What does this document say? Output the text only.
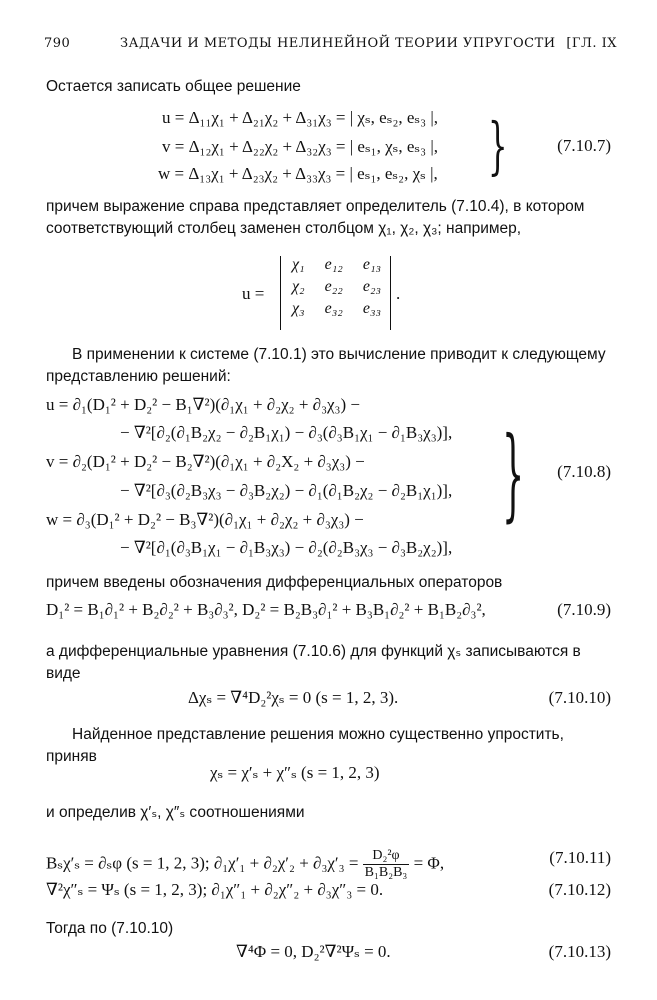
790	ЗАДАЧИ И МЕТОДЫ НЕЛИНЕЙНОЙ ТЕОРИИ УПРУГОСТИ [ГЛ. IX
Остается записать общее решение
u = Δ₁₁χ₁ + Δ₂₁χ₂ + Δ₃₁χ₃ = | χₛ, eₛ₂, eₛ₃ |,
v = Δ₁₂χ₁ + Δ₂₂χ₂ + Δ₃₂χ₃ = | eₛ₁, χₛ, eₛ₃ |,
w = Δ₁₃χ₁ + Δ₂₃χ₂ + Δ₃₃χ₃ = | eₛ₁, eₛ₂, χₛ |, }	(7.10.7)
причем выражение справа представляет определитель (7.10.4), в котором соответствующий столбец заменен столбцом χ₁, χ₂, χ₃; например,
u =
χ₁	e₁₂	e₁₃
χ₂	e₂₂	e₂₃
χ₃	e₃₂	e₃₃
.
В применении к системе (7.10.1) это вычисление приводит к следующему представлению решений:
u = ∂₁(D₁² + D₂² − B₁∇²)(∂₁χ₁ + ∂₂χ₂ + ∂₃χ₃) −
− ∇²[∂₂(∂₁B₂χ₂ − ∂₂B₁χ₁) − ∂₃(∂₃B₁χ₁ − ∂₁B₃χ₃)],
v = ∂₂(D₁² + D₂² − B₂∇²)(∂₁χ₁ + ∂₂X₂ + ∂₃χ₃) −
− ∇²[∂₃(∂₂B₃χ₃ − ∂₃B₂χ₂) − ∂₁(∂₁B₂χ₂ − ∂₂B₁χ₁)],
w = ∂₃(D₁² + D₂² − B₃∇²)(∂₁χ₁ + ∂₂χ₂ + ∂₃χ₃) −
− ∇²[∂₁(∂₃B₁χ₁ − ∂₁B₃χ₃) − ∂₂(∂₂B₃χ₃ − ∂₃B₂χ₂)],
} (7.10.8)
причем введены обозначения дифференциальных операторов
D₁² = B₁∂₁² + B₂∂₂² + B₃∂₃², D₂² = B₂B₃∂₁² + B₃B₁∂₂² + B₁B₂∂₃²,	(7.10.9)
а дифференциальные уравнения (7.10.6) для функций χₛ записываются в виде
Δχₛ = ∇⁴D₂²χₛ = 0 (s = 1, 2, 3).	(7.10.10)
Найденное представление решения можно существенно упростить, приняв
χₛ = χ′ₛ + χ″ₛ (s = 1, 2, 3)
и определив χ′ₛ, χ″ₛ соотношениями
Bₛχ′ₛ = ∂ₛφ (s = 1, 2, 3); $\partial_1\chi'_1 + \partial_2\chi'_2 + \partial_3\chi'_3 = \frac{\text{D₂²φ}}{\text{B₁B₂B₃}} = \Phi$,	(7.10.11)
∇²χ″ₛ = Ψₛ (s = 1, 2, 3); ∂₁χ″₁ + ∂₂χ″₂ + ∂₃χ″₃ = 0.	(7.10.12)
Тогда по (7.10.10)
∇⁴Φ = 0, D₂²∇²Ψₛ = 0.	(7.10.13)
